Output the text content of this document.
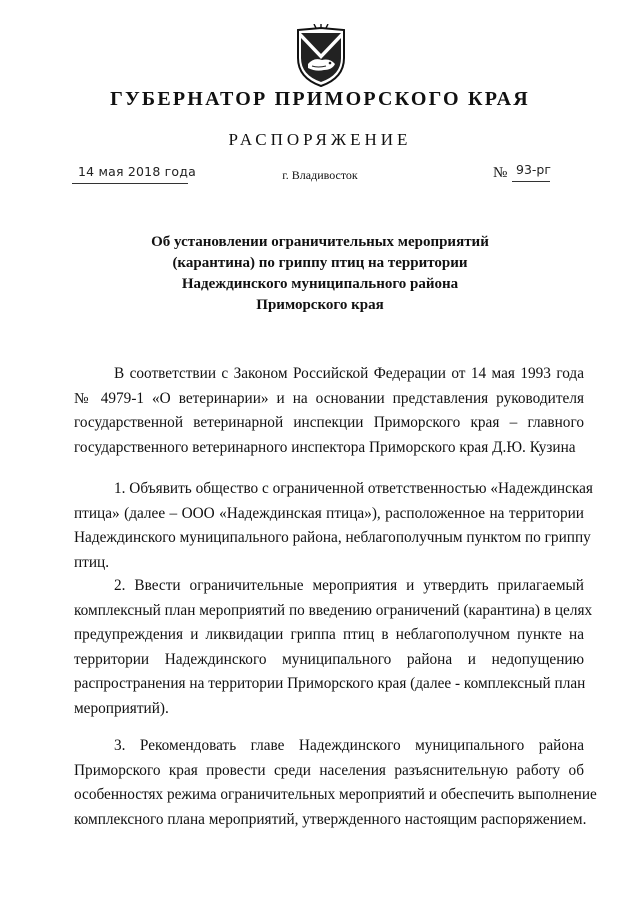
ГУБЕРНАТОР ПРИМОРСКОГО КРАЯ
РАСПОРЯЖЕНИЕ
14 мая 2018 года	г. Владивосток	№ 93-рг
Об установлении ограничительных мероприятий
(карантина) по гриппу птиц на территории
Надеждинского муниципального района
Приморского края
В соответствии с Законом Российской Федерации от 14 мая 1993 года
№ 4979-1 «О ветеринарии» и на основании представления руководителя
государственной ветеринарной инспекции Приморского края – главного
государственного ветеринарного инспектора Приморского края Д.Ю. Кузина
1. Объявить общество с ограниченной ответственностью «Надеждинская
птица» (далее – ООО «Надеждинская птица»), расположенное на территории
Надеждинского муниципального района, неблагополучным пунктом по гриппу
птиц.
2. Ввести ограничительные мероприятия и утвердить прилагаемый
комплексный план мероприятий по введению ограничений (карантина) в целях
предупреждения и ликвидации гриппа птиц в неблагополучном пункте на
территории Надеждинского муниципального района и недопущению
распространения на территории Приморского края (далее - комплексный план
мероприятий).
3. Рекомендовать главе Надеждинского муниципального района
Приморского края провести среди населения разъяснительную работу об
особенностях режима ограничительных мероприятий и обеспечить выполнение
комплексного плана мероприятий, утвержденного настоящим распоряжением.
